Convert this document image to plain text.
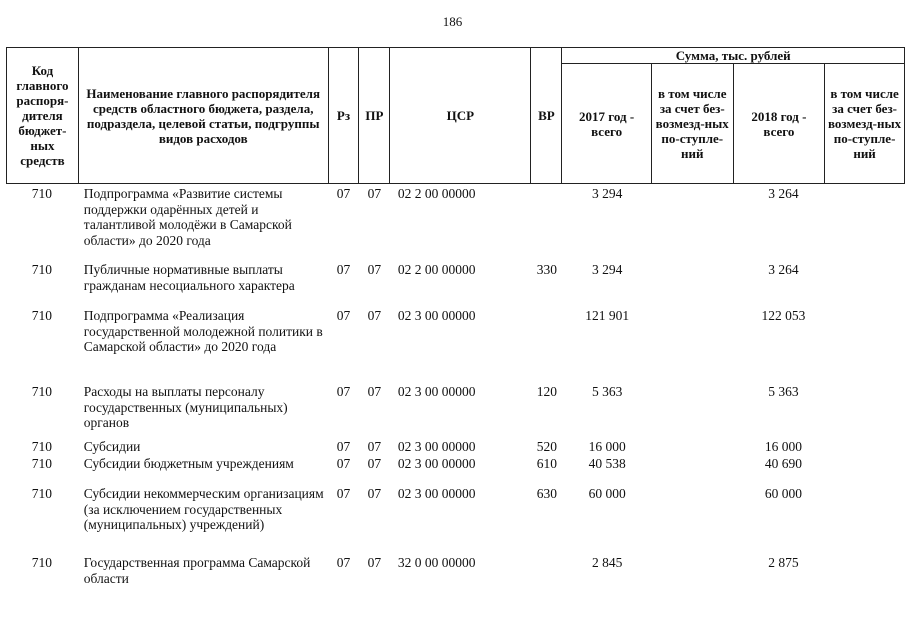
186
Код главного распоря-дителя бюджет-ных средств	Наименование главного распорядителя средств областного бюджета, раздела, подраздела, целевой статьи, подгруппы видов расходов	Рз	ПР	ЦСР	ВР	Сумма, тыс. рублей			
						2017 год - всего	в том числе за счет без-возмезд-ных по-ступле-ний	2018 год - всего	в том числе за счет без-возмезд-ных по-ступле-ний
710	Подпрограмма «Развитие системы поддержки одарённых детей и талантливой молодёжи в Самарской области» до 2020 года	07	07	02 2 00 00000		3 294		3 264	
710	Публичные нормативные выплаты гражданам несоциального характера	07	07	02 2 00 00000	330	3 294		3 264	
710	Подпрограмма «Реализация государственной молодежной политики в Самарской области» до 2020 года	07	07	02 3 00 00000		121 901		122 053	
710	Расходы на выплаты персоналу государственных (муниципальных) органов	07	07	02 3 00 00000	120	5 363		5 363	
710	Субсидии	07	07	02 3 00 00000	520	16 000		16 000	
710	Субсидии бюджетным учреждениям	07	07	02 3 00 00000	610	40 538		40 690	
710	Субсидии некоммерческим организациям (за исключением государственных (муниципальных) учреждений)	07	07	02 3 00 00000	630	60 000		60 000	
710	Государственная программа Самарской области	07	07	32 0 00 00000		2 845		2 875	
